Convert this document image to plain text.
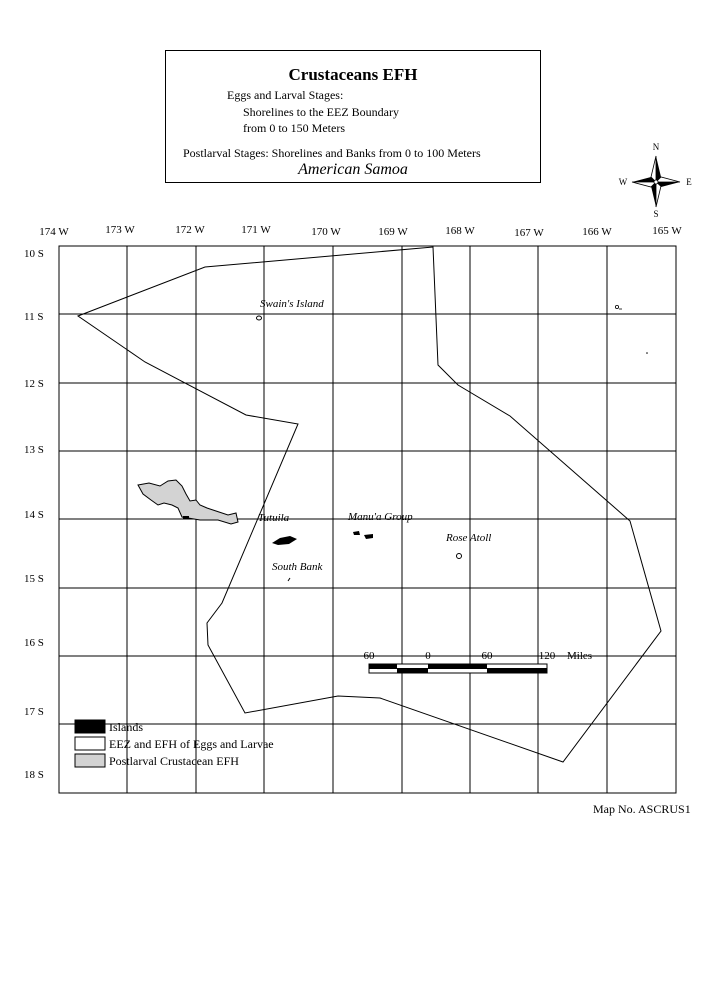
Crustaceans EFH
Eggs and Larval Stages:
Shorelines to the EEZ Boundary
from 0 to 150 Meters
Postlarval Stages: Shorelines and Banks from 0 to 100 Meters
American Samoa
N
S
E
W
174 W	173 W	172 W	171 W	170 W	169 W	168 W	167 W	166 W	165 W
10 S
11 S
12 S
13 S
14 S
15 S
16 S
17 S
18 S
Swain's Island
Tutuila	Manu'a Group
Rose Atoll
South Bank
60	0	60	120 Miles
Islands
EEZ and EFH of Eggs and Larvae
Postlarval Crustacean EFH
Map No. ASCRUS1
